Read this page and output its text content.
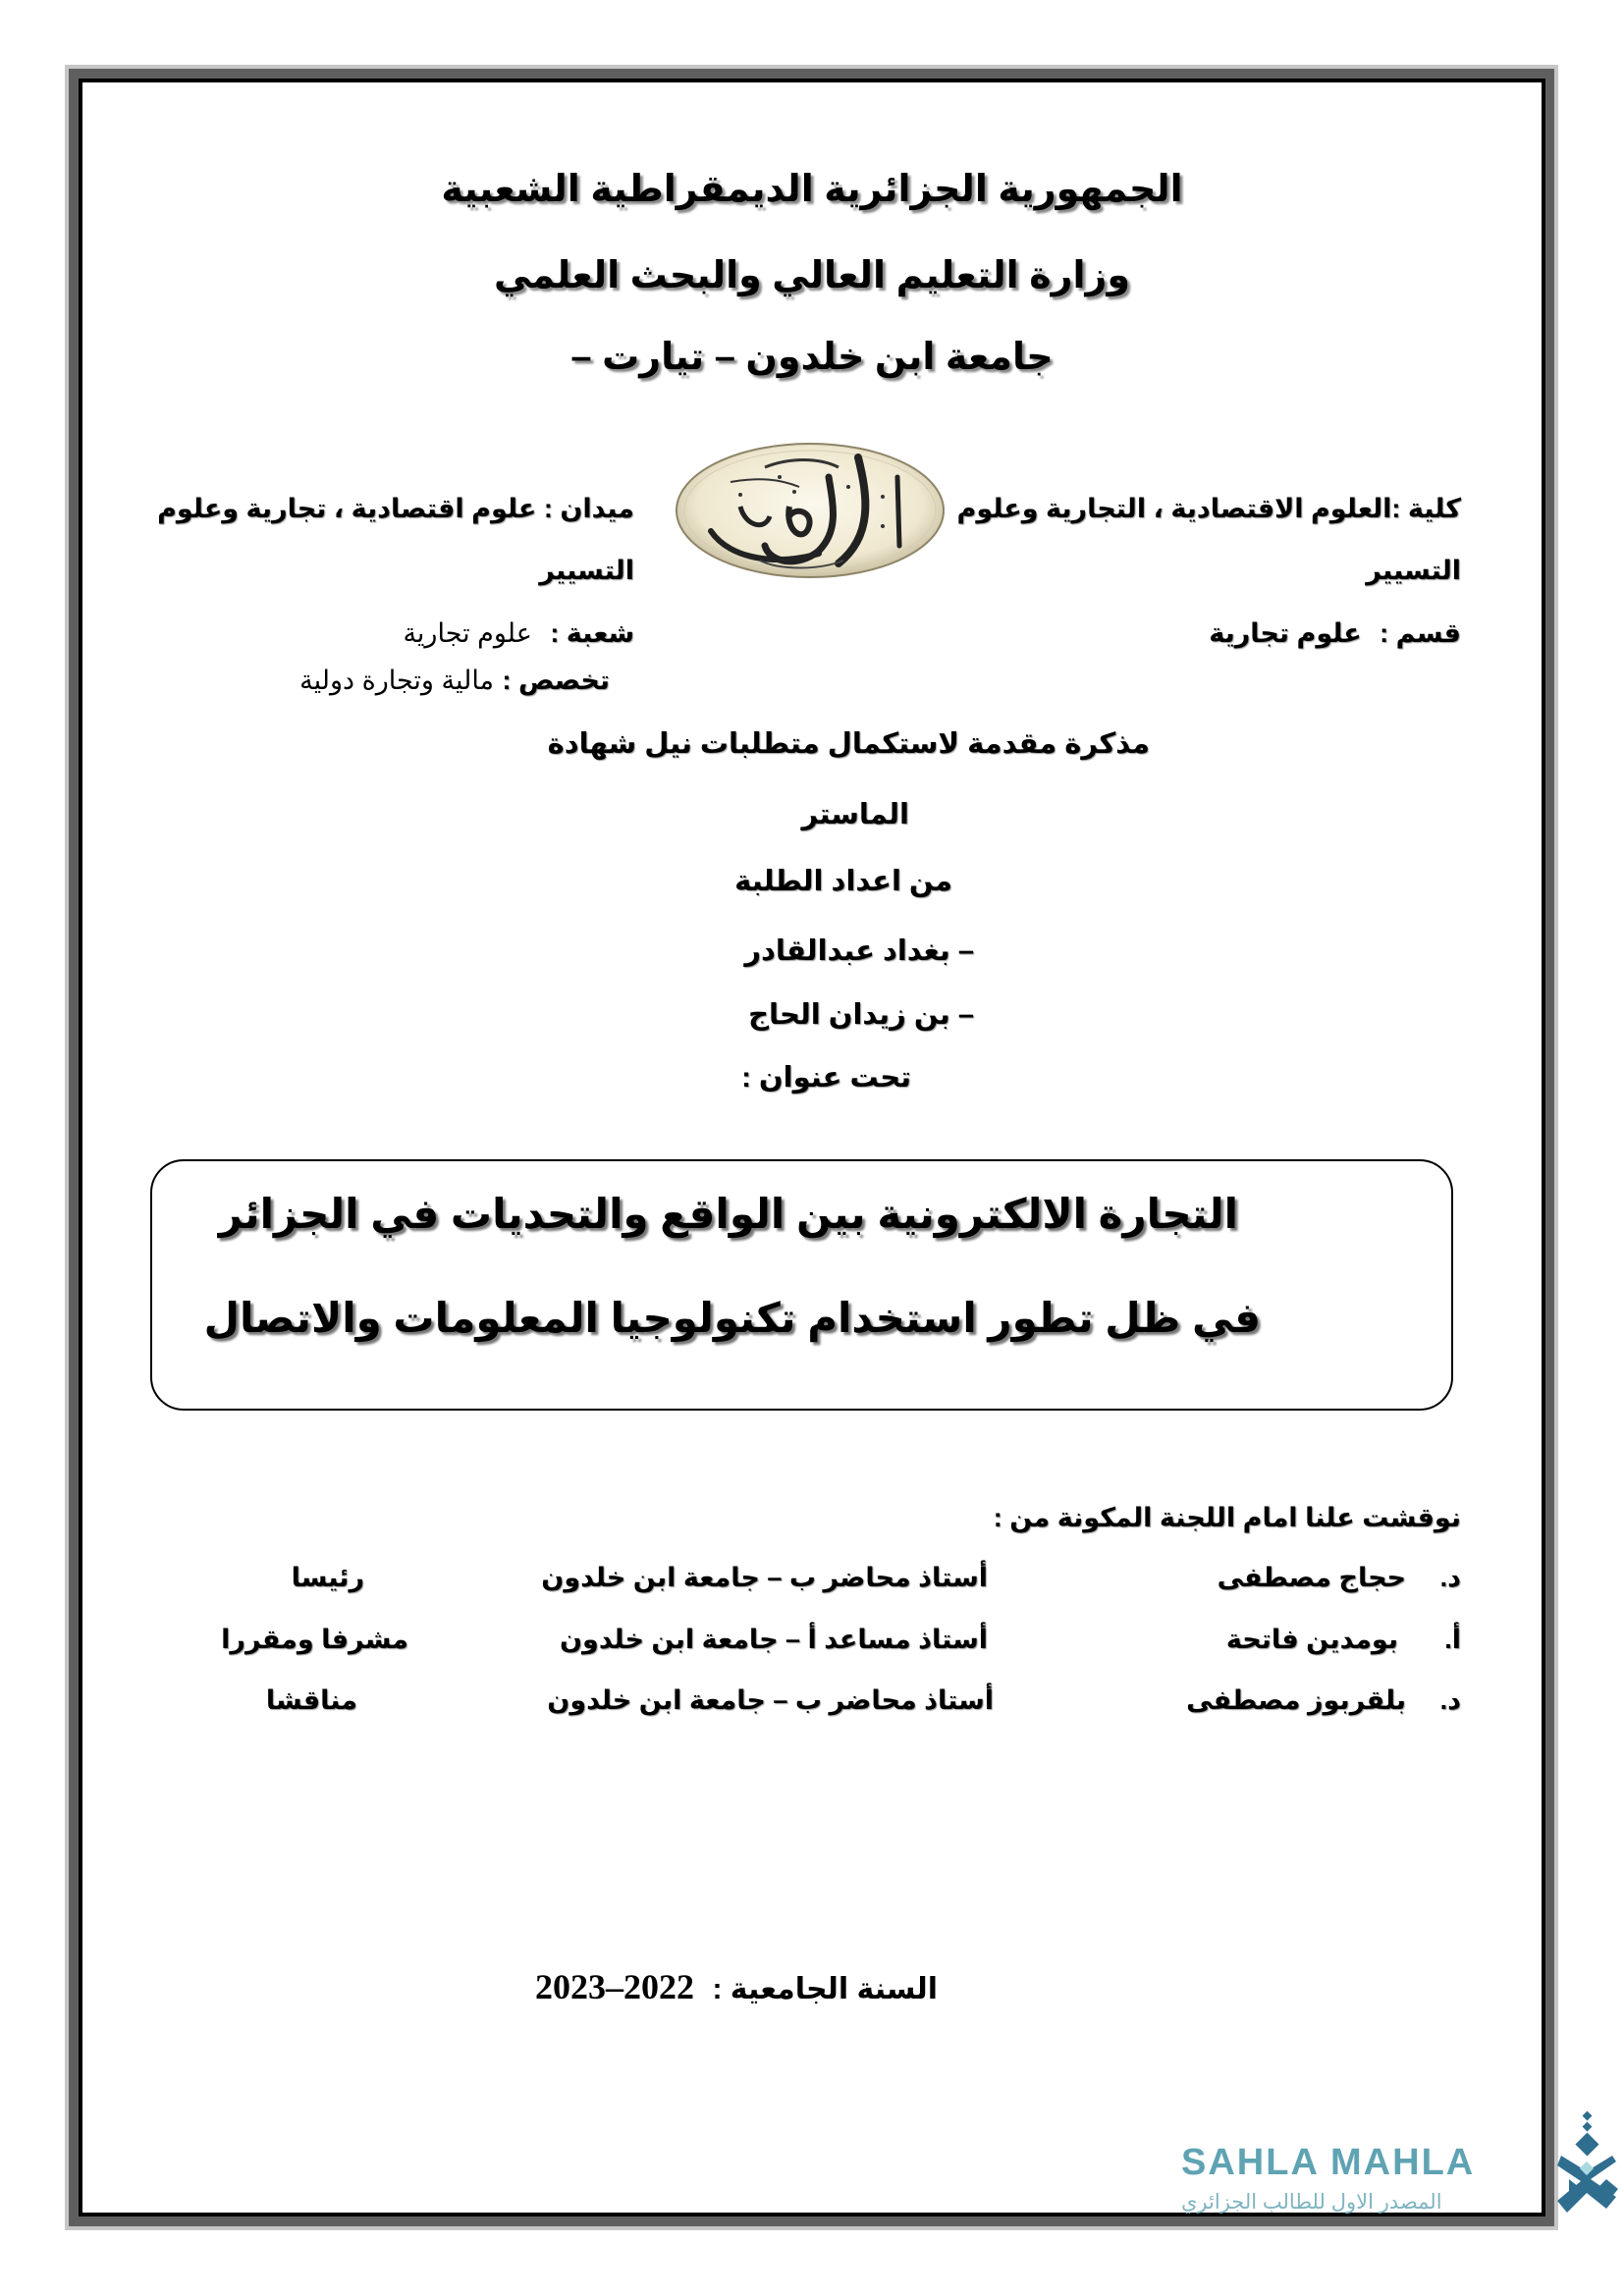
الجمهورية الجزائرية الديمقراطية الشعبية
وزارة التعليم العالي والبحث العلمي
جامعة ابن خلدون – تيارت –
كلية :العلوم الاقتصادية ، التجارية وعلوم
التسيير
قسم : علوم تجارية
ميدان : علوم اقتصادية ، تجارية وعلوم
التسيير
شعبة : علوم تجارية
تخصص : مالية وتجارة دولية
مذكرة مقدمة لاستكمال متطلبات نيل شهادة
الماستر
من اعداد الطلبة
– بغداد عبدالقادر
– بن زيدان الحاج
تحت عنوان :
التجارة الالكترونية بين الواقع والتحديات في الجزائر
في ظل تطور استخدام تكنولوجيا المعلومات والاتصال
نوقشت علنا امام اللجنة المكونة من :
د.
حجاج مصطفى
أستاذ محاضر ب – جامعة ابن خلدون
رئيسا
أ.
بومدين فاتحة
أستاذ مساعد أ – جامعة ابن خلدون
مشرفا ومقررا
د.
بلقربوز مصطفى
أستاذ محاضر ب – جامعة ابن خلدون
مناقشا
2023–2022 السنة الجامعية :
SAHLA MAHLA
المصدر الاول للطالب الجزائري
